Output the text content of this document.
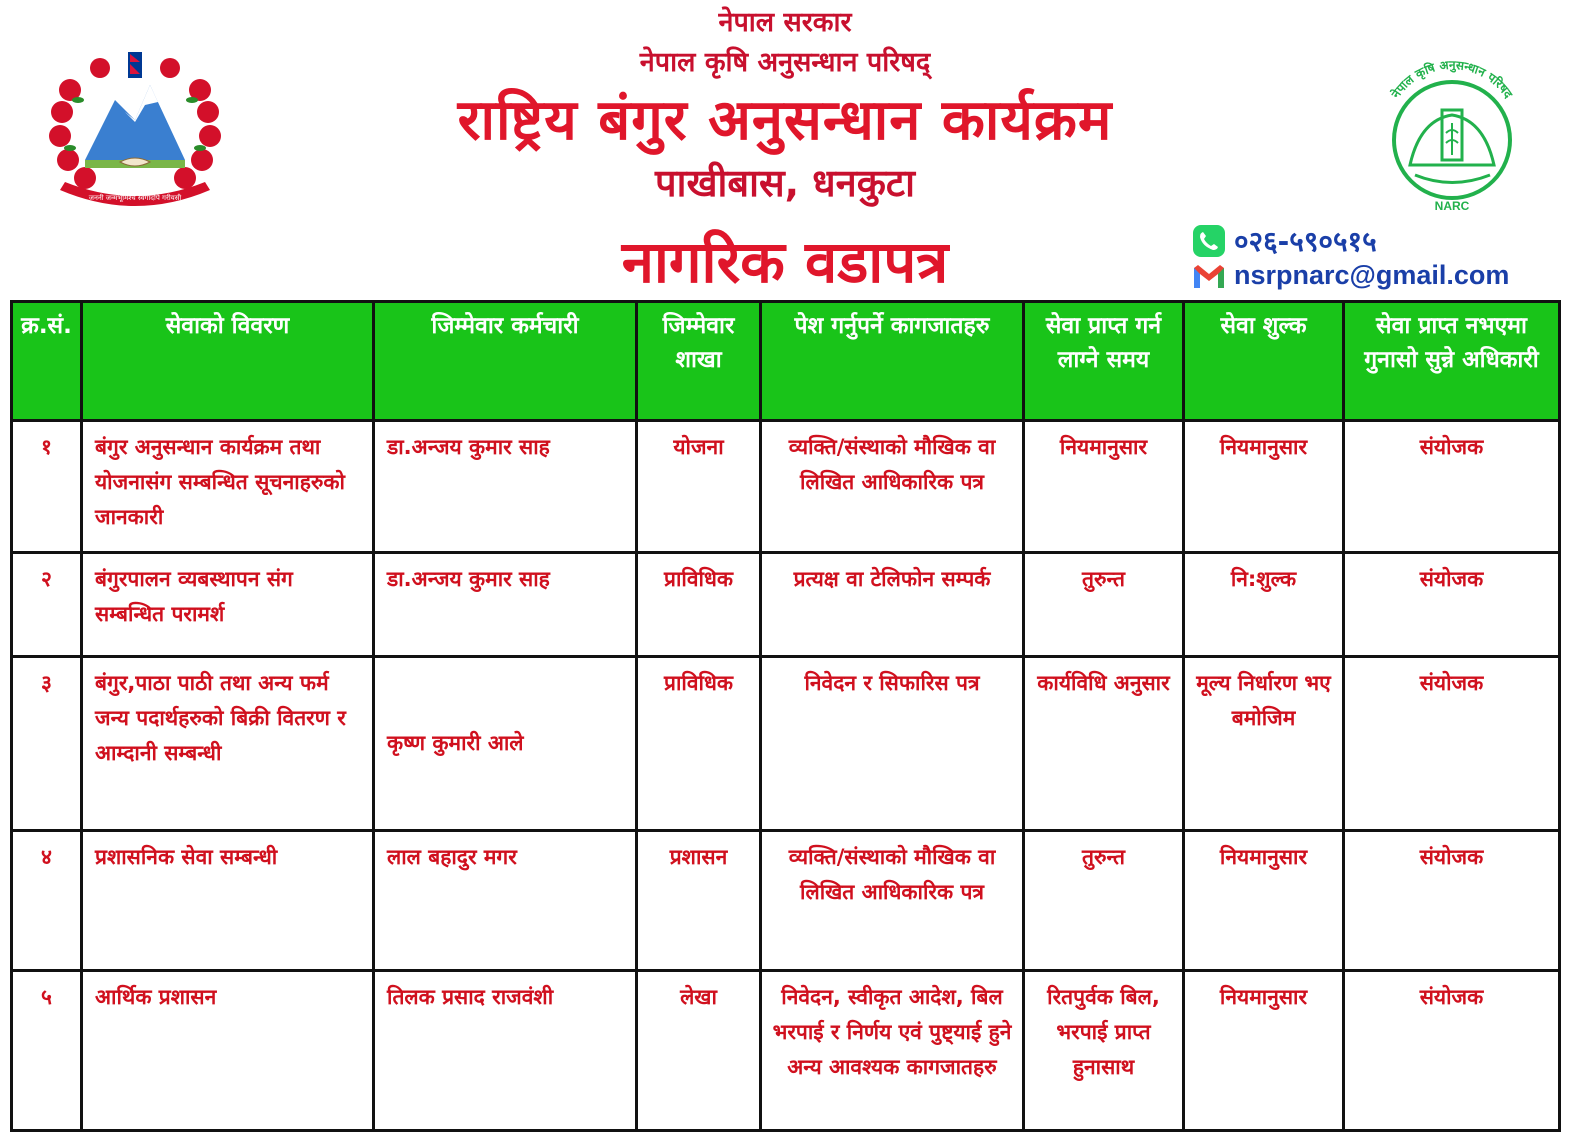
जननी जन्मभूमिश्च स्वर्गादपि गरीयसी
नेपाल सरकार
नेपाल कृषि अनुसन्धान परिषद्
राष्ट्रिय बंगुर अनुसन्धान कार्यक्रम
पाखीबास, धनकुटा
नागरिक वडापत्र
नेपाल कृषि अनुसन्धान परिषद
NARC
०२६-५९०५१५
nsrpnarc@gmail.com
क्र.सं.	सेवाको विवरण	जिम्मेवार कर्मचारी	जिम्मेवार शाखा	पेश गर्नुपर्ने कागजातहरु	सेवा प्राप्त गर्न लाग्ने समय	सेवा शुल्क	सेवा प्राप्त नभएमा गुनासो सुन्ने अधिकारी
१	बंगुर अनुसन्धान कार्यक्रम तथा योजनासंग सम्बन्धित सूचनाहरुको जानकारी	डा.अन्जय कुमार साह	योजना	व्यक्ति/संस्थाको मौखिक वा लिखित आधिकारिक पत्र	नियमानुसार	नियमानुसार	संयोजक
२	बंगुरपालन व्यबस्थापन संग सम्बन्धित परामर्श	डा.अन्जय कुमार साह	प्राविधिक	प्रत्यक्ष वा टेलिफोन सम्पर्क	तुरुन्त	नि:शुल्क	संयोजक
३	बंगुर,पाठा पाठी तथा अन्य फर्म जन्य पदार्थहरुको बिक्री वितरण र आम्दानी सम्बन्धी	कृष्ण कुमारी आले	प्राविधिक	निवेदन र सिफारिस पत्र	कार्यविधि अनुसार	मूल्य निर्धारण भए बमोजिम	संयोजक
४	प्रशासनिक सेवा सम्बन्धी	लाल बहादुर मगर	प्रशासन	व्यक्ति/संस्थाको मौखिक वा लिखित आधिकारिक पत्र	तुरुन्त	नियमानुसार	संयोजक
५	आर्थिक प्रशासन	तिलक प्रसाद राजवंशी	लेखा	निवेदन, स्वीकृत आदेश, बिल भरपाई र निर्णय एवं पुष्ट्याई हुने अन्य आवश्यक कागजातहरु	रितपुर्वक बिल, भरपाई प्राप्त हुनासाथ	नियमानुसार	संयोजक
